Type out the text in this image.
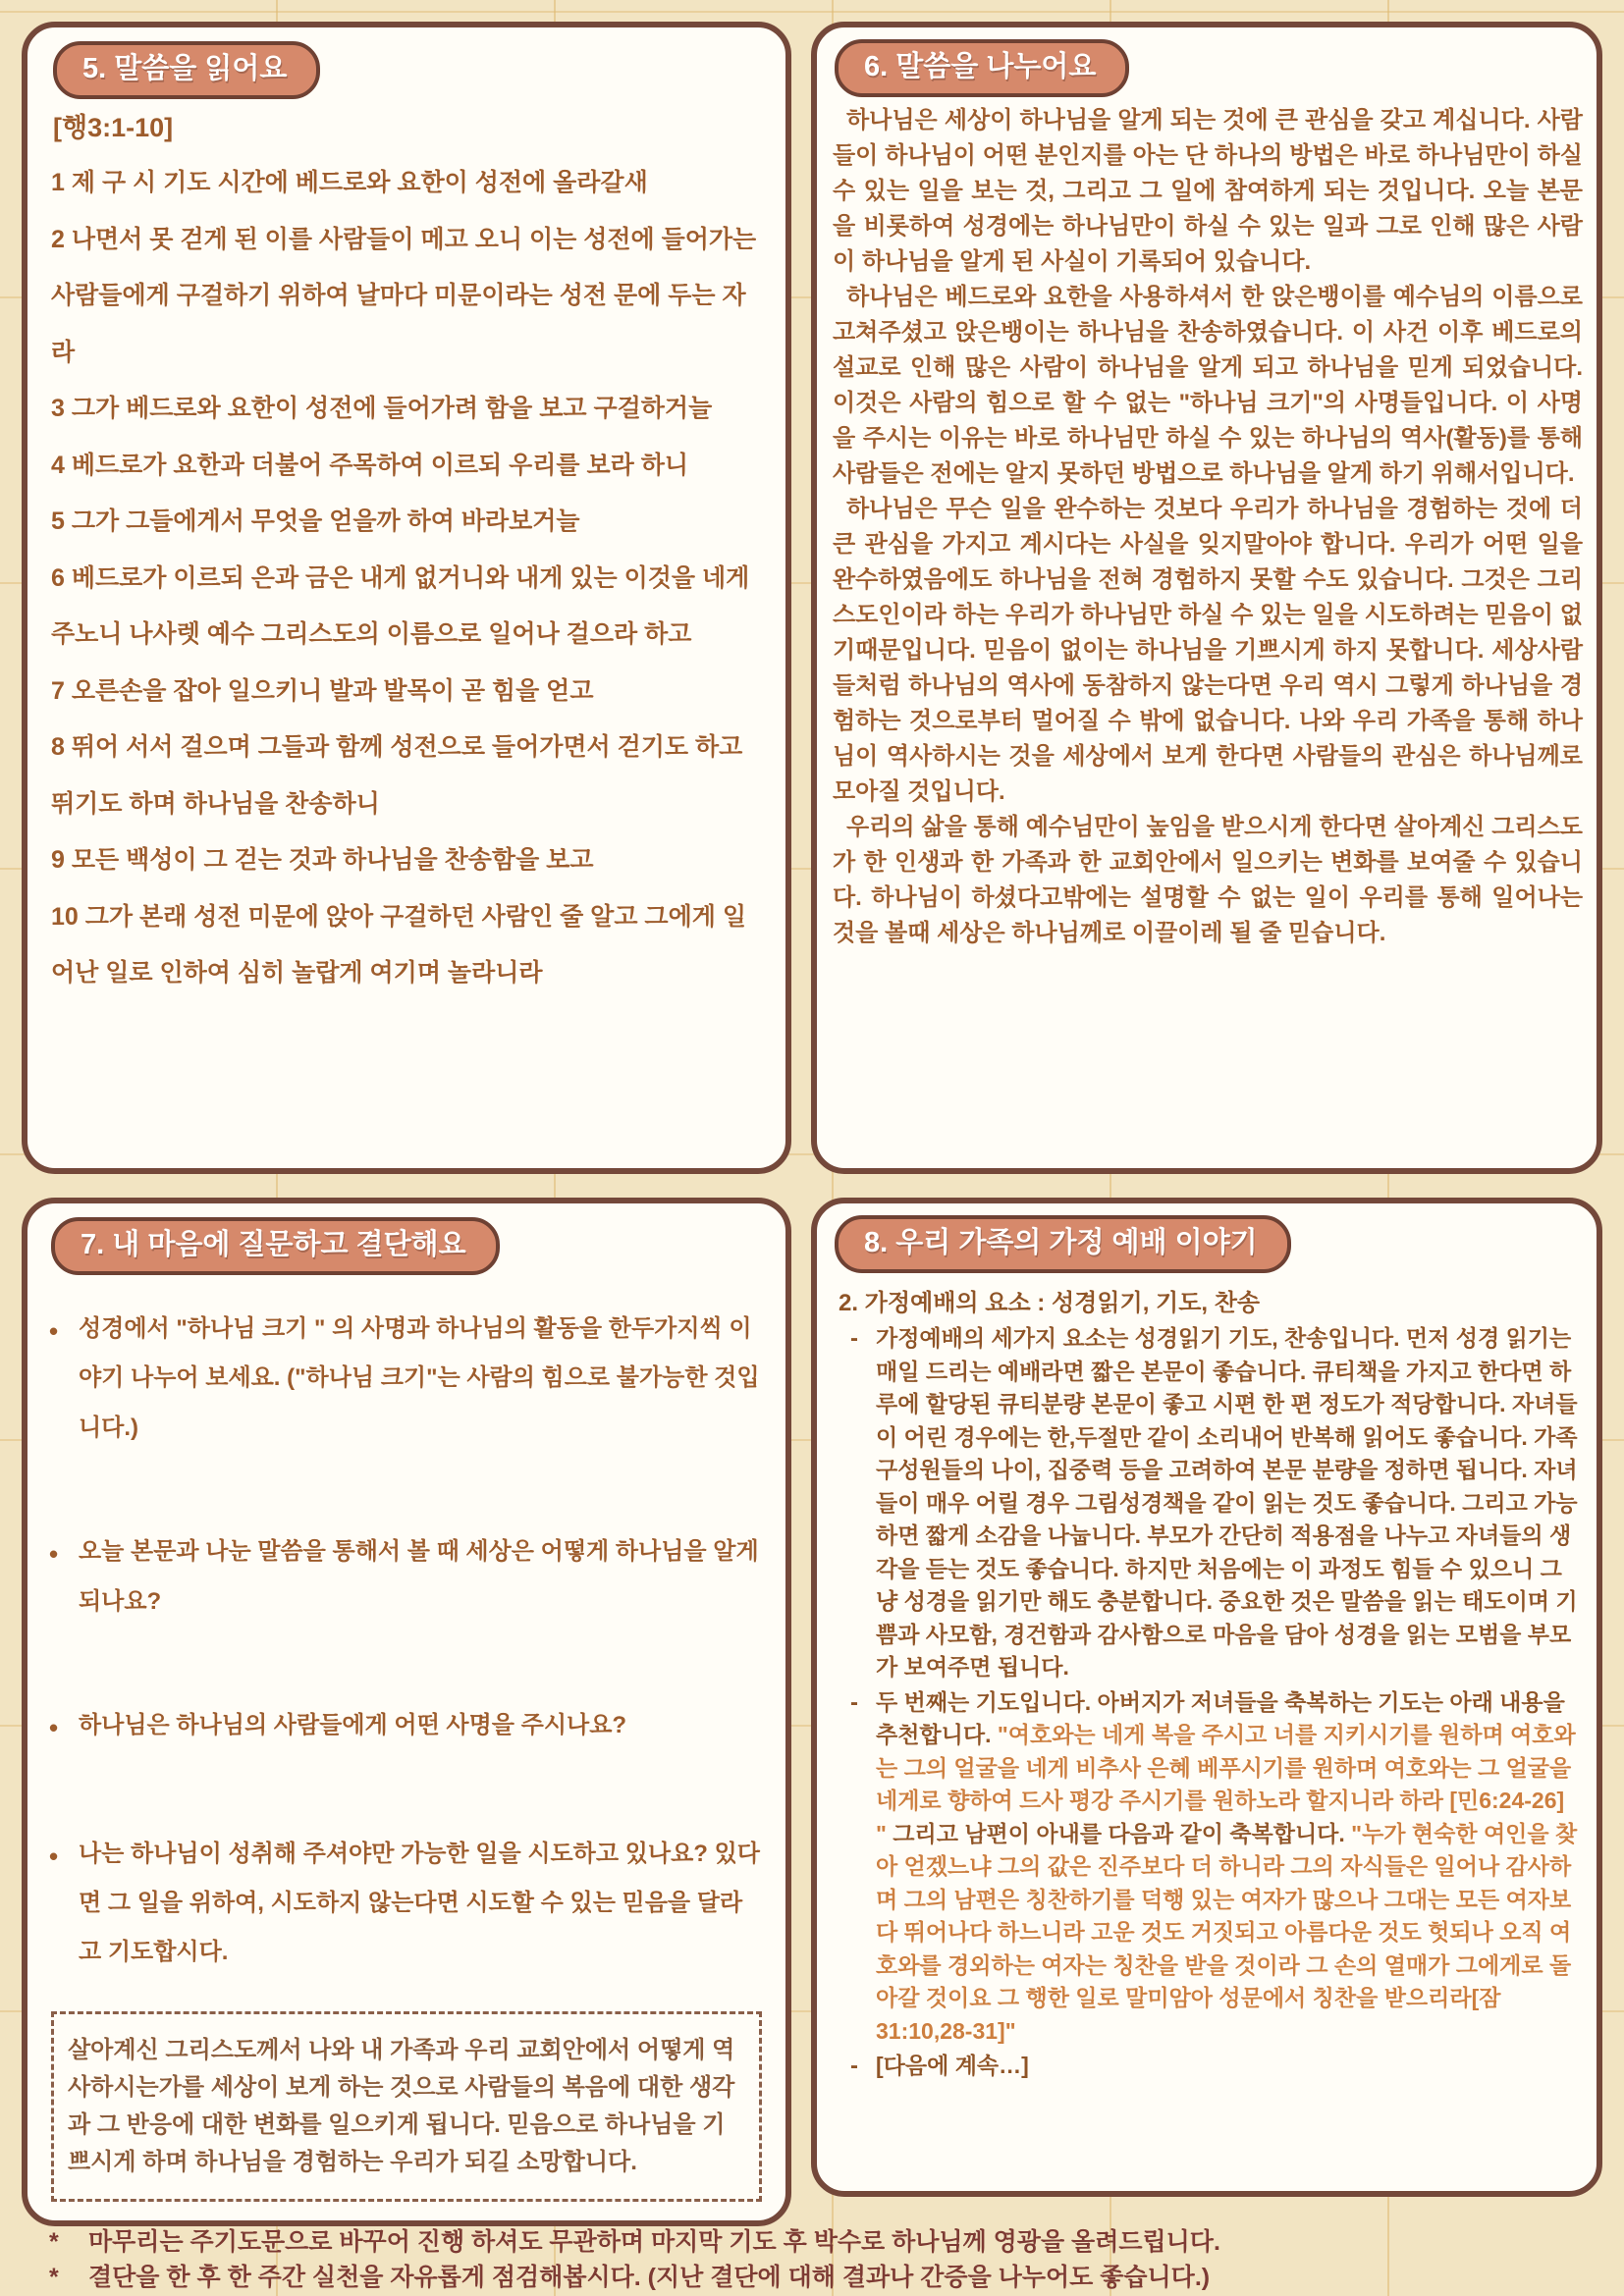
5. 말씀을 읽어요
[행3:1-10]
1 제 구 시 기도 시간에 베드로와 요한이 성전에 올라갈새
2 나면서 못 걷게 된 이를 사람들이 메고 오니 이는 성전에 들어가는 사람들에게 구걸하기 위하여 날마다 미문이라는 성전 문에 두는 자라
3 그가 베드로와 요한이 성전에 들어가려 함을 보고 구걸하거늘
4 베드로가 요한과 더불어 주목하여 이르되 우리를 보라 하니
5 그가 그들에게서 무엇을 얻을까 하여 바라보거늘
6 베드로가 이르되 은과 금은 내게 없거니와 내게 있는 이것을 네게 주노니 나사렛 예수 그리스도의 이름으로 일어나 걸으라 하고
7 오른손을 잡아 일으키니 발과 발목이 곧 힘을 얻고
8 뛰어 서서 걸으며 그들과 함께 성전으로 들어가면서 걷기도 하고 뛰기도 하며 하나님을 찬송하니
9 모든 백성이 그 걷는 것과 하나님을 찬송함을 보고
10 그가 본래 성전 미문에 앉아 구걸하던 사람인 줄 알고 그에게 일어난 일로 인하여 심히 놀랍게 여기며 놀라니라
6. 말씀을 나누어요

하나님은 세상이 하나님을 알게 되는 것에 큰 관심을 갖고 계십니다. 사람들이 하나님이 어떤 분인지를 아는 단 하나의 방법은 바로 하나님만이 하실 수 있는 일을 보는 것, 그리고 그 일에 참여하게 되는 것입니다. 오늘 본문을 비롯하여 성경에는 하나님만이 하실 수 있는 일과 그로 인해 많은 사람이 하나님을 알게 된 사실이 기록되어 있습니다.

하나님은 베드로와 요한을 사용하셔서 한 앉은뱅이를 예수님의 이름으로 고쳐주셨고 앉은뱅이는 하나님을 찬송하였습니다. 이 사건 이후 베드로의 설교로 인해 많은 사람이 하나님을 알게 되고 하나님을 믿게 되었습니다. 이것은 사람의 힘으로 할 수 없는 "하나님 크기"의 사명들입니다. 이 사명을 주시는 이유는 바로 하나님만 하실 수 있는 하나님의 역사(활동)를 통해 사람들은 전에는 알지 못하던 방법으로 하나님을 알게 하기 위해서입니다.

하나님은 무슨 일을 완수하는 것보다 우리가 하나님을 경험하는 것에 더 큰 관심을 가지고 계시다는 사실을 잊지말아야 합니다. 우리가 어떤 일을 완수하였음에도 하나님을 전혀 경험하지 못할 수도 있습니다. 그것은 그리스도인이라 하는 우리가 하나님만 하실 수 있는 일을 시도하려는 믿음이 없기때문입니다. 믿음이 없이는 하나님을 기쁘시게 하지 못합니다. 세상사람들처럼 하나님의 역사에 동참하지 않는다면 우리 역시 그렇게 하나님을 경험하는 것으로부터 멀어질 수 밖에 없습니다. 나와 우리 가족을 통해 하나님이 역사하시는 것을 세상에서 보게 한다면 사람들의 관심은 하나님께로 모아질 것입니다.

우리의 삶을 통해 예수님만이 높임을 받으시게 한다면 살아계신 그리스도가 한 인생과 한 가족과 한 교회안에서 일으키는 변화를 보여줄 수 있습니다. 하나님이 하셨다고밖에는 설명할 수 없는 일이 우리를 통해 일어나는 것을 볼때 세상은 하나님께로 이끌이레 될 줄 믿습니다.

7. 내 마음에 질문하고 결단해요
• 성경에서 "하나님 크기 " 의 사명과 하나님의 활동을 한두가지씩 이야기 나누어 보세요. ("하나님 크기"는 사람의 힘으로 불가능한 것입니다.)
• 오늘 본문과 나눈 말씀을 통해서 볼 때 세상은 어떻게 하나님을 알게 되나요?
• 하나님은 하나님의 사람들에게 어떤 사명을 주시나요?
• 나는 하나님이 성취해 주셔야만 가능한 일을 시도하고 있나요? 있다면 그 일을 위하여, 시도하지 않는다면 시도할 수 있는 믿음을 달라고 기도합시다.
살아계신 그리스도께서 나와 내 가족과 우리 교회안에서 어떻게 역사하시는가를 세상이 보게 하는 것으로 사람들의 복음에 대한 생각과 그 반응에 대한 변화를 일으키게 됩니다. 믿음으로 하나님을 기쁘시게 하며 하나님을 경험하는 우리가 되길 소망합니다.
8. 우리 가족의 가정 예배 이야기
2. 가정예배의 요소 : 성경읽기, 기도, 찬송
- 가정예배의 세가지 요소는 성경읽기 기도, 찬송입니다. 먼저 성경 읽기는 매일 드리는 예배라면 짧은 본문이 좋습니다. 큐티책을 가지고 한다면 하루에 할당된 큐티분량 본문이 좋고 시편 한 편 정도가 적당합니다. 자녀들이 어린 경우에는 한,두절만 같이 소리내어 반복해 읽어도 좋습니다. 가족구성원들의 나이, 집중력 등을 고려하여 본문 분량을 정하면 됩니다. 자녀들이 매우 어릴 경우 그림성경책을 같이 읽는 것도 좋습니다. 그리고 가능하면 짧게 소감을 나눕니다. 부모가 간단히 적용점을 나누고 자녀들의 생각을 듣는 것도 좋습니다. 하지만 처음에는 이 과정도 힘들 수 있으니 그냥 성경을 읽기만 해도 충분합니다. 중요한 것은 말씀을 읽는 태도이며 기쁨과 사모함, 경건함과 감사함으로 마음을 담아 성경을 읽는 모범을 부모가 보여주면 됩니다.
- 두 번째는 기도입니다. 아버지가 저녀들을 축복하는 기도는 아래 내용을 추천합니다. "여호와는 네게 복을 주시고 너를 지키시기를 원하며 여호와는 그의 얼굴을 네게 비추사 은혜 베푸시기를 원하며 여호와는 그 얼굴을 네게로 향하여 드사 평강 주시기를 원하노라 할지니라 하라 [민6:24-26] " 그리고 남편이 아내를 다음과 같이 축복합니다. "누가 현숙한 여인을 찾아 얻겠느냐 그의 값은 진주보다 더 하니라 그의 자식들은 일어나 감사하며 그의 남편은 칭찬하기를 덕행 있는 여자가 많으나 그대는 모든 여자보다 뛰어나다 하느니라 고운 것도 거짓되고 아름다운 것도 헛되나 오직 여호와를 경외하는 여자는 칭찬을 받을 것이라 그 손의 열매가 그에게로 돌아갈 것이요 그 행한 일로 말미암아 성문에서 칭찬을 받으리라[잠31:10,28-31]"
- [다음에 계속…]
*	마무리는 주기도문으로 바꾸어 진행 하셔도 무관하며 마지막 기도 후 박수로 하나님께 영광을 올려드립니다.
*	결단을 한 후 한 주간 실천을 자유롭게 점검해봅시다. (지난 결단에 대해 결과나 간증을 나누어도 좋습니다.)
